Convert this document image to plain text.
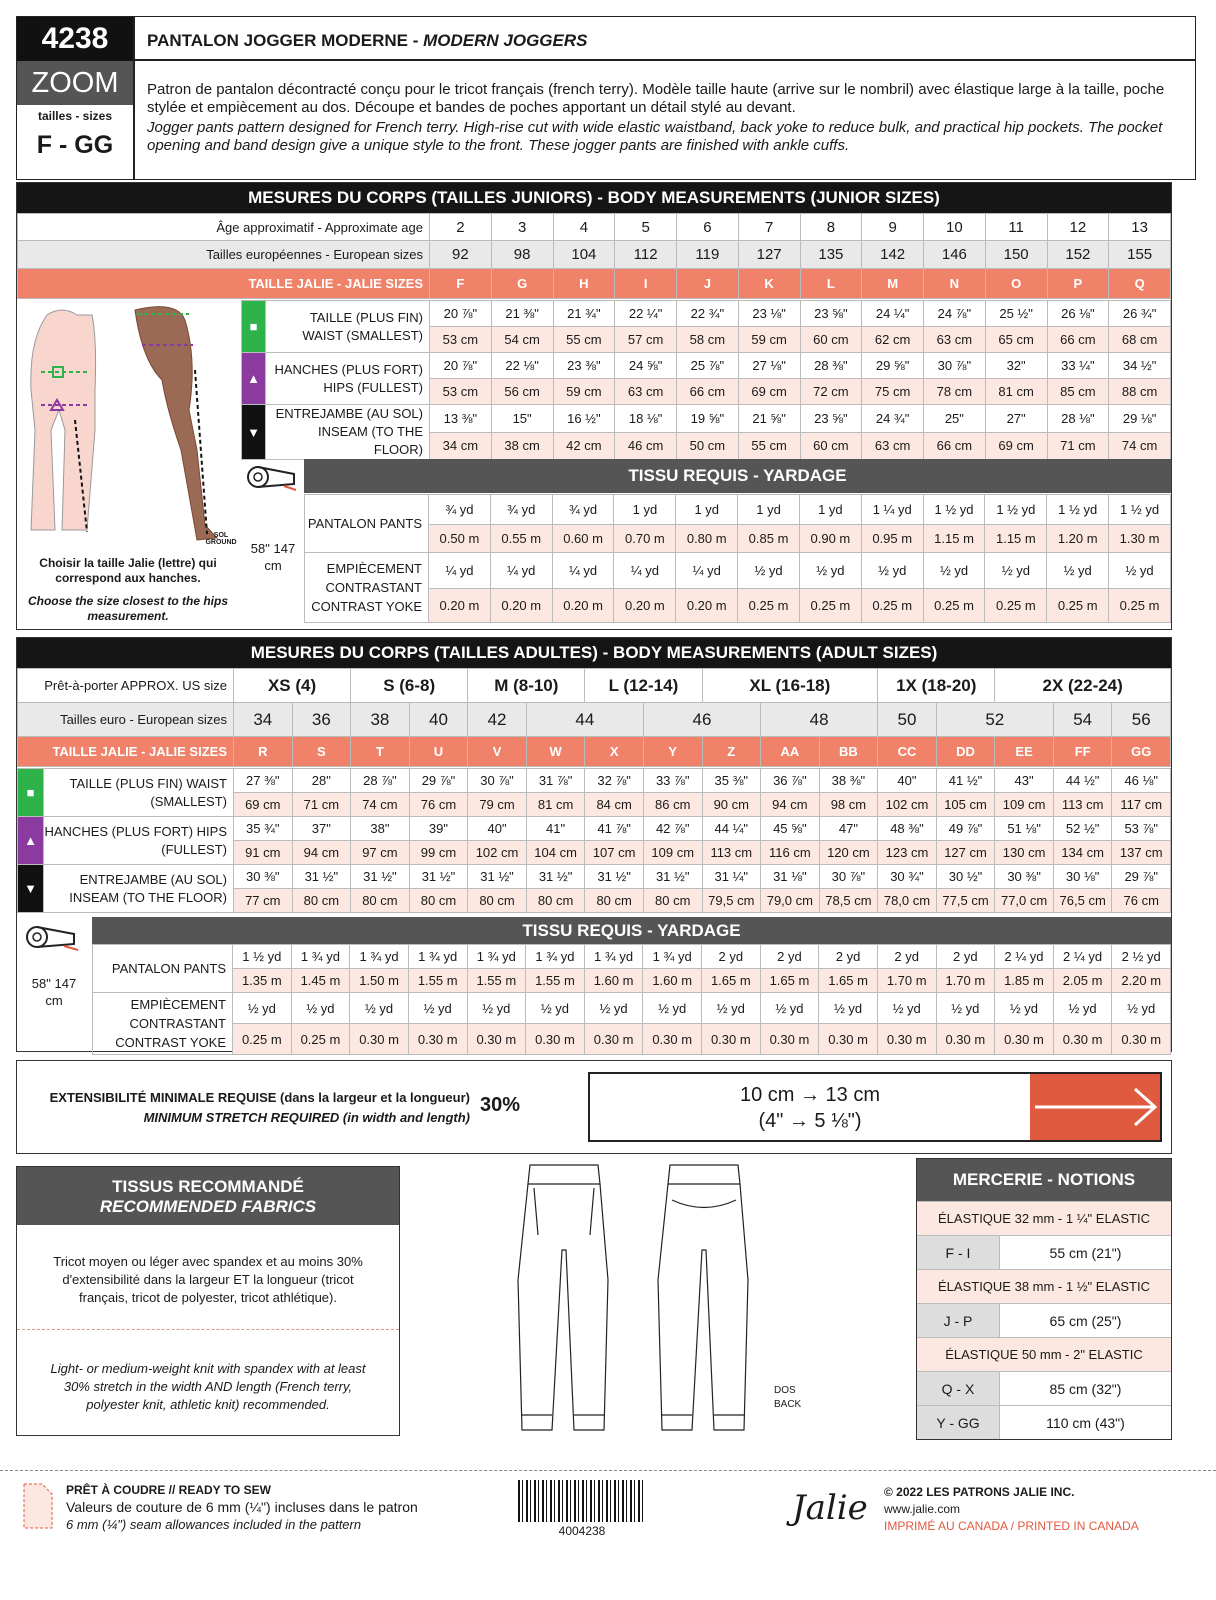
4238
ZOOM
tailles - sizes
F - GG
PANTALON JOGGER MODERNE - MODERN JOGGERS

Patron de pantalon décontracté conçu pour le tricot français (french terry). Modèle taille haute (arrive sur le nombril) avec élastique large à la taille, poche stylée et empiècement au dos. Découpe et bandes de poches apportant un détail stylé au devant.

Jogger pants pattern designed for French terry. High-rise cut with wide elastic waistband, back yoke to reduce bulk, and practical hip pockets. The pocket opening and band design give a unique style to the front. These jogger pants are finished with ankle cuffs.

MESURES DU CORPS (TAILLES JUNIORS) - BODY MEASUREMENTS (JUNIOR SIZES)
Âge approximatif - Approximate age	2	3	4	5	6	7	8	9	10	11	12	13
Tailles européennes - European sizes	92	98	104	112	119	127	135	142	146	150	152	155
TAILLE JALIE - JALIE SIZES	F	G	H	I	J	K	L	M	N	O	P	Q
SOL GROUND
Choisir la taille Jalie (lettre) qui correspond aux hanches.
Choose the size closest to the hips measurement.
■	TAILLE (PLUS FIN) WAIST (SMALLEST)	20 ⅞"	21 ⅜"	21 ¾"	22 ¼"	22 ¾"	23 ⅛"	23 ⅝"	24 ¼"	24 ⅞"	25 ½"	26 ⅛"	26 ¾"
		53 cm	54 cm	55 cm	57 cm	58 cm	59 cm	60 cm	62 cm	63 cm	65 cm	66 cm	68 cm
▲	HANCHES (PLUS FORT) HIPS (FULLEST)	20 ⅞"	22 ⅛"	23 ⅜"	24 ⅝"	25 ⅞"	27 ⅛"	28 ⅜"	29 ⅝"	30 ⅞"	32"	33 ¼"	34 ½"
		53 cm	56 cm	59 cm	63 cm	66 cm	69 cm	72 cm	75 cm	78 cm	81 cm	85 cm	88 cm
▼	ENTREJAMBE (AU SOL) INSEAM (TO THE FLOOR)	13 ⅜"	15"	16 ½"	18 ⅛"	19 ⅝"	21 ⅝"	23 ⅝"	24 ¾"	25"	27"	28 ⅛"	29 ⅛"
		34 cm	38 cm	42 cm	46 cm	50 cm	55 cm	60 cm	63 cm	66 cm	69 cm	71 cm	74 cm
TISSU REQUIS - YARDAGE
58" 147 cm
PANTALON PANTS	¾ yd	¾ yd	¾ yd	1 yd	1 yd	1 yd	1 yd	1 ¼ yd	1 ½ yd	1 ½ yd	1 ½ yd	1 ½ yd
	0.50 m	0.55 m	0.60 m	0.70 m	0.80 m	0.85 m	0.90 m	0.95 m	1.15 m	1.15 m	1.20 m	1.30 m
EMPIÈCEMENT CONTRASTANT CONTRAST YOKE	¼ yd	¼ yd	¼ yd	¼ yd	¼ yd	½ yd	½ yd	½ yd	½ yd	½ yd	½ yd	½ yd
	0.20 m	0.20 m	0.20 m	0.20 m	0.20 m	0.25 m	0.25 m	0.25 m	0.25 m	0.25 m	0.25 m	0.25 m
MESURES DU CORPS (TAILLES ADULTES) - BODY MEASUREMENTS (ADULT SIZES)
Prêt-à-porter APPROX. US size	XS (4)		S (6-8)		M (8-10)		L (12-14)		XL (16-18)			1X (18-20)		2X (22-24)		
Tailles euro - European sizes	34	36	38	40	42	44		46		48		50	52		54	56
TAILLE JALIE - JALIE SIZES	R	S	T	U	V	W	X	Y	Z	AA	BB	CC	DD	EE	FF	GG
■	TAILLE (PLUS FIN) WAIST (SMALLEST)	27 ⅜"	28"	28 ⅞"	29 ⅞"	30 ⅞"	31 ⅞"	32 ⅞"	33 ⅞"	35 ⅜"	36 ⅞"	38 ⅜"	40"	41 ½"	43"	44 ½"	46 ⅛"
		69 cm	71 cm	74 cm	76 cm	79 cm	81 cm	84 cm	86 cm	90 cm	94 cm	98 cm	102 cm	105 cm	109 cm	113 cm	117 cm
▲	HANCHES (PLUS FORT) HIPS (FULLEST)	35 ¾"	37"	38"	39"	40"	41"	41 ⅞"	42 ⅞"	44 ¼"	45 ⅝"	47"	48 ⅜"	49 ⅞"	51 ⅛"	52 ½"	53 ⅞"
		91 cm	94 cm	97 cm	99 cm	102 cm	104 cm	107 cm	109 cm	113 cm	116 cm	120 cm	123 cm	127 cm	130 cm	134 cm	137 cm
▼	ENTREJAMBE (AU SOL) INSEAM (TO THE FLOOR)	30 ⅜"	31 ½"	31 ½"	31 ½"	31 ½"	31 ½"	31 ½"	31 ½"	31 ¼"	31 ⅛"	30 ⅞"	30 ¾"	30 ½"	30 ⅜"	30 ⅛"	29 ⅞"
		77 cm	80 cm	80 cm	80 cm	80 cm	80 cm	80 cm	80 cm	79,5 cm	79,0 cm	78,5 cm	78,0 cm	77,5 cm	77,0 cm	76,5 cm	76 cm
TISSU REQUIS - YARDAGE
58" 147 cm
PANTALON PANTS	1 ½ yd	1 ¾ yd	1 ¾ yd	1 ¾ yd	1 ¾ yd	1 ¾ yd	1 ¾ yd	1 ¾ yd	2 yd	2 yd	2 yd	2 yd	2 yd	2 ¼ yd	2 ¼ yd	2 ½ yd
	1.35 m	1.45 m	1.50 m	1.55 m	1.55 m	1.55 m	1.60 m	1.60 m	1.65 m	1.65 m	1.65 m	1.70 m	1.70 m	1.85 m	2.05 m	2.20 m
EMPIÈCEMENT CONTRASTANT CONTRAST YOKE	½ yd	½ yd	½ yd	½ yd	½ yd	½ yd	½ yd	½ yd	½ yd	½ yd	½ yd	½ yd	½ yd	½ yd	½ yd	½ yd
	0.25 m	0.25 m	0.30 m	0.30 m	0.30 m	0.30 m	0.30 m	0.30 m	0.30 m	0.30 m	0.30 m	0.30 m	0.30 m	0.30 m	0.30 m	0.30 m
EXTENSIBILITÉ MINIMALE REQUISE (dans la largeur et la longueur)
MINIMUM STRETCH REQUIRED (in width and length)
30%	10 cm → 13 cm
(4" → 5 ⅛")
TISSUS RECOMMANDÉ
RECOMMENDED FABRICS

Tricot moyen ou léger avec spandex et au moins 30% d'extensibilité dans la largeur ET la longueur (tricot français, tricot de polyester, tricot athlétique).

Light- or medium-weight knit with spandex with at least 30% stretch in the width AND length (French terry, polyester knit, athletic knit) recommended.

DOS BACK
MERCERIE - NOTIONS
ÉLASTIQUE 32 mm - 1 ¼" ELASTIC
F - I	55 cm (21")
ÉLASTIQUE 38 mm - 1 ½" ELASTIC
J - P	65 cm (25")
ÉLASTIQUE 50 mm - 2" ELASTIC
Q - X	85 cm (32")
Y - GG	110 cm (43")
PRÊT À COUDRE // READY TO SEW
Valeurs de couture de 6 mm (¼") incluses dans le patron
6 mm (¼") seam allowances included in the pattern	4004238
Jalie © 2022 LES PATRONS JALIE INC.
www.jalie.com
IMPRIMÉ AU CANADA / PRINTED IN CANADA
